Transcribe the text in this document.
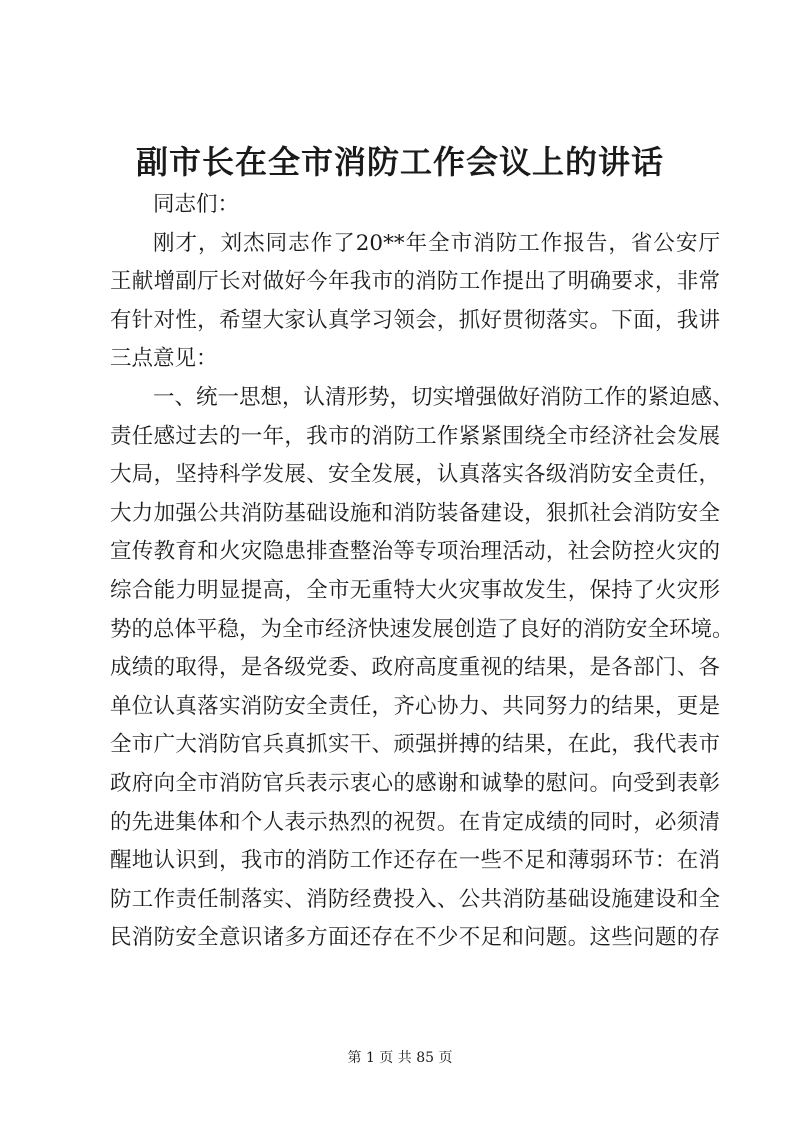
副市长在全市消防工作会议上的讲话
同志们：
刚才，刘杰同志作了20**年全市消防工作报告，省公安厅
王献增副厅长对做好今年我市的消防工作提出了明确要求，非常
有针对性，希望大家认真学习领会，抓好贯彻落实。下面，我讲
三点意见：
一、统一思想，认清形势，切实增强做好消防工作的紧迫感、
责任感过去的一年，我市的消防工作紧紧围绕全市经济社会发展
大局，坚持科学发展、安全发展，认真落实各级消防安全责任，
大力加强公共消防基础设施和消防装备建设，狠抓社会消防安全
宣传教育和火灾隐患排查整治等专项治理活动，社会防控火灾的
综合能力明显提高，全市无重特大火灾事故发生，保持了火灾形
势的总体平稳，为全市经济快速发展创造了良好的消防安全环境。
成绩的取得，是各级党委、政府高度重视的结果，是各部门、各
单位认真落实消防安全责任，齐心协力、共同努力的结果，更是
全市广大消防官兵真抓实干、顽强拼搏的结果，在此，我代表市
政府向全市消防官兵表示衷心的感谢和诚挚的慰问。向受到表彰
的先进集体和个人表示热烈的祝贺。在肯定成绩的同时，必须清
醒地认识到，我市的消防工作还存在一些不足和薄弱环节：在消
防工作责任制落实、消防经费投入、公共消防基础设施建设和全
民消防安全意识诸多方面还存在不少不足和问题。这些问题的存
第 1 页 共 85 页
